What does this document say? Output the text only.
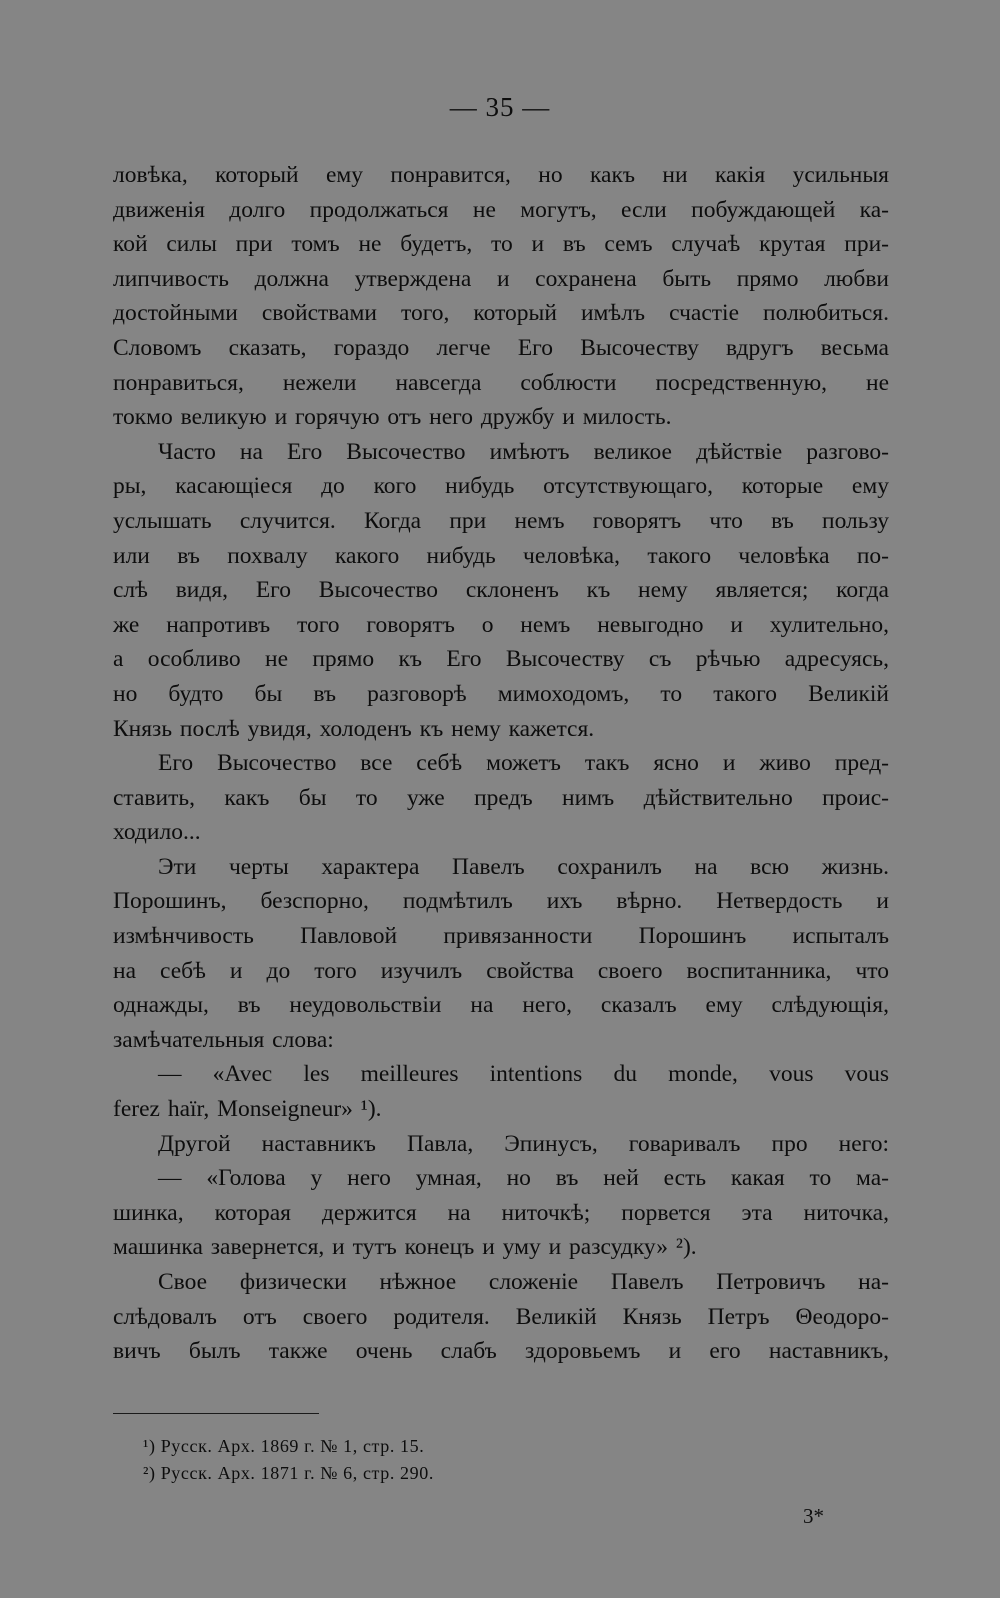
— 35 —

ловѣка, который ему понравится, но какъ ни какія усильныя
движенія долго продолжаться не могутъ, если побуждающей ка-
кой силы при томъ не будетъ, то и въ семъ случаѣ крутая при-
липчивость должна утверждена и сохранена быть прямо любви
достойными свойствами того, который имѣлъ счастіе полюбиться.
Словомъ сказать, гораздо легче Его Высочеству вдругъ весьма
понравиться, нежели навсегда соблюсти посредственную, не
токмо великую и горячую отъ него дружбу и милость.

Часто на Его Высочество имѣютъ великое дѣйствіе разгово-
ры, касающіеся до кого нибудь отсутствующаго, которые ему
услышать случится. Когда при немъ говорятъ что въ пользу
или въ похвалу какого нибудь человѣка, такого человѣка по-
слѣ видя, Его Высочество склоненъ къ нему является; когда
же напротивъ того говорятъ о немъ невыгодно и хулительно,
а особливо не прямо къ Его Высочеству съ рѣчью адресуясь,
но будто бы въ разговорѣ мимоходомъ, то такого Великій
Князь послѣ увидя, холоденъ къ нему кажется.

Его Высочество все себѣ можетъ такъ ясно и живо пред-
ставить, какъ бы то уже предъ нимъ дѣйствительно проис-
ходило...

Эти черты характера Павелъ сохранилъ на всю жизнь.
Порошинъ, безспорно, подмѣтилъ ихъ вѣрно. Нетвердость и
измѣнчивость Павловой привязанности Порошинъ испыталъ
на себѣ и до того изучилъ свойства своего воспитанника, что
однажды, въ неудовольствіи на него, сказалъ ему слѣдующія,
замѣчательныя слова:

— «Avec les meilleures intentions du monde, vous vous
ferez haïr, Monseigneur» ¹).

Другой наставникъ Павла, Эпинусъ, говаривалъ про него:

— «Голова у него умная, но въ ней есть какая то ма-
шинка, которая держится на ниточкѣ; порвется эта ниточка,
машинка завернется, и тутъ конецъ и уму и разсудку» ²).

Свое физически нѣжное сложеніе Павелъ Петровичъ на-
слѣдовалъ отъ своего родителя. Великій Князь Петръ Θеодоро-
вичъ былъ также очень слабъ здоровьемъ и его наставникъ,

¹) Русск. Арх. 1869 г. № 1, стр. 15.
²) Русск. Арх. 1871 г. № 6, стр. 290.
3*
